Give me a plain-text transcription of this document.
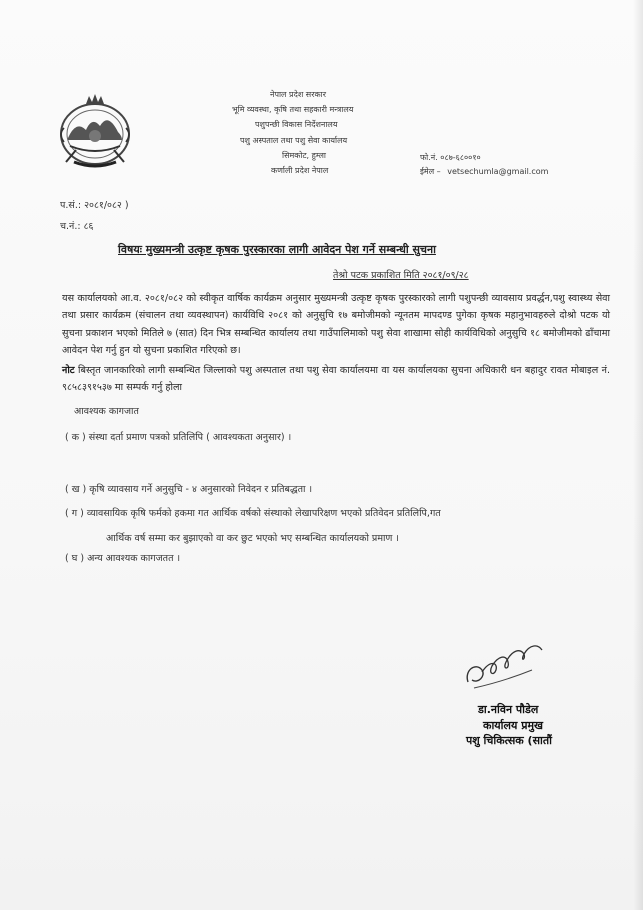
नेपाल प्रदेश सरकार
भूमि व्यवस्था, कृषि तथा सहकारी मन्त्रालय
पशुपन्छी विकास निर्देशनालय
पशु अस्पताल तथा पशु सेवा कार्यालय
सिमकोट, हुम्ला
कर्णाली प्रदेश नेपाल
फो.नं. ०८७-६८००१०
ईमेल – vetsechumla@gmail.com
प.सं.: २०८१/०८२ )
च.नं.: ८६
विषयः मुख्यमन्त्री उत्कृष्ट कृषक पुरस्कारका लागी आवेदन पेश गर्ने सम्बन्धी सुचना
तेश्रो पटक प्रकाशित मिति २०८१/०९/२८
यस कार्यालयको आ.व. २०८१/०८२ को स्वीकृत वार्षिक कार्यक्रम अनुसार मुख्यमन्त्री उत्कृष्ट कृषक पुरस्कारको लागी पशुपन्छी व्यावसाय प्रवर्द्धन,पशु स्वास्थ्य सेवा तथा प्रसार कार्यक्रम (संचालन तथा व्यवस्थापन) कार्यविधि २०८१ को अनुसुचि १७ बमोजीमको न्यूनतम मापदण्ड पुगेका कृषक महानुभावहरुले दोश्रो पटक यो सुचना प्रकाशन भएको मितिले ७ (सात) दिन भित्र सम्बन्धित कार्यालय तथा गाउँपालिमाको पशु सेवा शाखामा सोही कार्यविधिको अनुसुचि १८ बमोजीमको ढाँचामा आवेदन पेश गर्नु हुन यो सुचना प्रकाशित गरिएको छ।
नोट बिस्तृत जानकारिको लागी सम्बन्धित जिल्लाको पशु अस्पताल तथा पशु सेवा कार्यालयमा वा यस कार्यालयका सुचना अधिकारी धन बहादुर रावत मोबाइल नं. ९८५८३९१५३७ मा सम्पर्क गर्नु होला
आवश्यक कागजात
( क ) संस्था दर्ता प्रमाण पत्रको प्रतिलिपि ( आवश्यकता अनुसार) ।
( ख ) कृषि व्यावसाय गर्ने अनुसुचि - ४ अनुसारको निवेदन र प्रतिबद्धता ।
( ग ) व्यावसायिक कृषि फर्मको हकमा गत आर्थिक वर्षको संस्थाको लेखापरिक्षण भएको प्रतिवेदन प्रतिलिपि,गत
आर्थिक वर्ष सम्मा कर बुझाएको वा कर छुट भएको भए सम्बन्धित कार्यालयको प्रमाण ।
( घ ) अन्य आवश्यक कागजतत ।
डा.नविन पौडेल
कार्यालय प्रमुख
पशु चिकित्सक (सातौं
